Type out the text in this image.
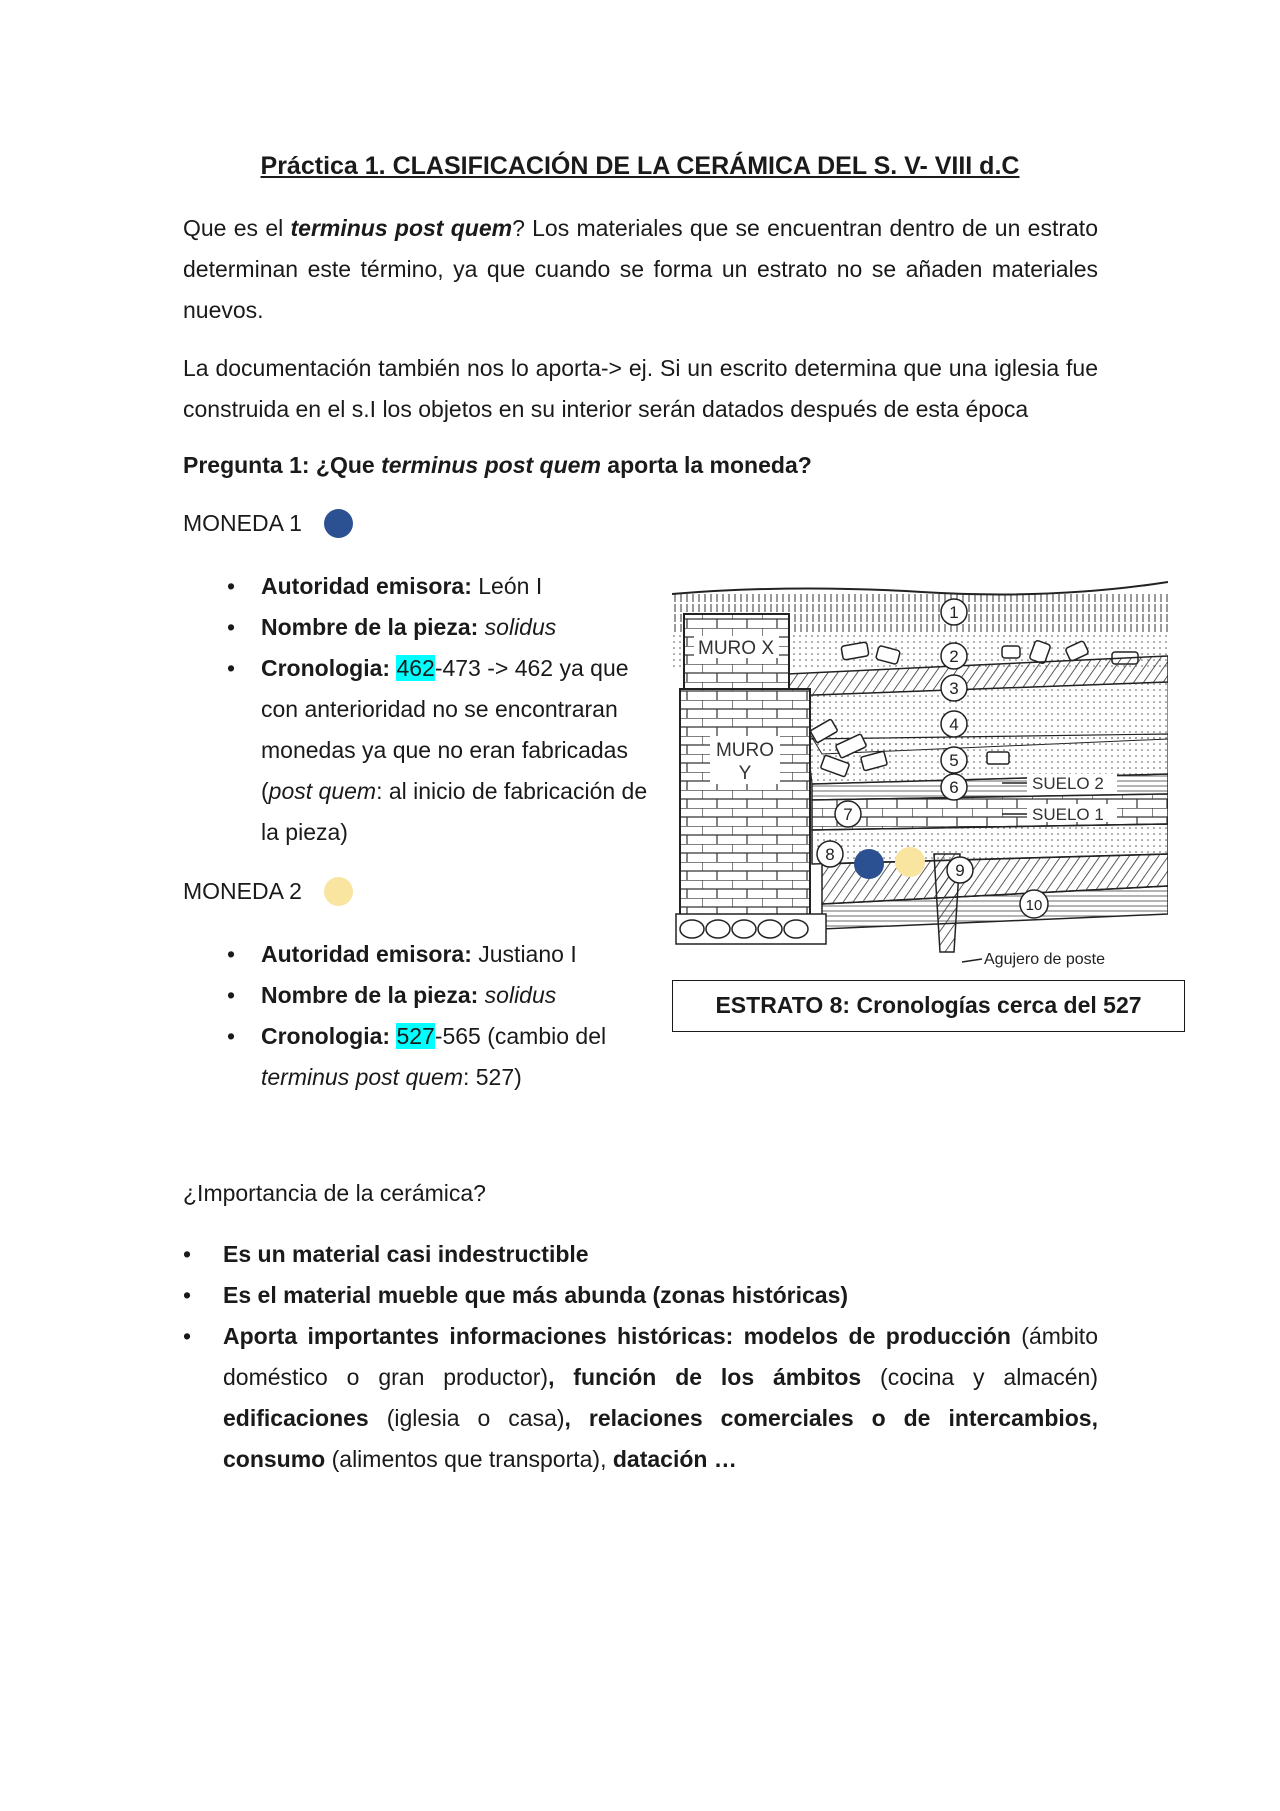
Práctica 1. CLASIFICACIÓN DE LA CERÁMICA DEL S. V- VIII d.C

Que es el terminus post quem? Los materiales que se encuentran dentro de un estrato determinan este término, ya que cuando se forma un estrato no se añaden materiales nuevos.

La documentación también nos lo aporta-> ej. Si un escrito determina que una iglesia fue construida en el s.I los objetos en su interior serán datados después de esta época

Pregunta 1: ¿Que terminus post quem aporta la moneda?
MONEDA 1
• Autoridad emisora: León I
• Nombre de la pieza: solidus
• Cronologia: 462-473 -> 462 ya que con anterioridad no se encontraran monedas ya que no eran fabricadas (post quem: al inicio de fabricación de la pieza)
MONEDA 2
• Autoridad emisora: Justiano I
• Nombre de la pieza: solidus
• Cronologia: 527-565 (cambio del terminus post quem: 527)
MURO X
MURO
Y
1
2
3
4
5
6
7
8
9
10
SUELO 2
SUELO 1
Agujero de poste
ESTRATO 8: Cronologías cerca del 527
¿Importancia de la cerámica?
• Es un material casi indestructible
• Es el material mueble que más abunda (zonas históricas)
• Aporta importantes informaciones históricas: modelos de producción (ámbito doméstico o gran productor), función de los ámbitos (cocina y almacén) edificaciones (iglesia o casa), relaciones comerciales o de intercambios, consumo (alimentos que transporta), datación …
